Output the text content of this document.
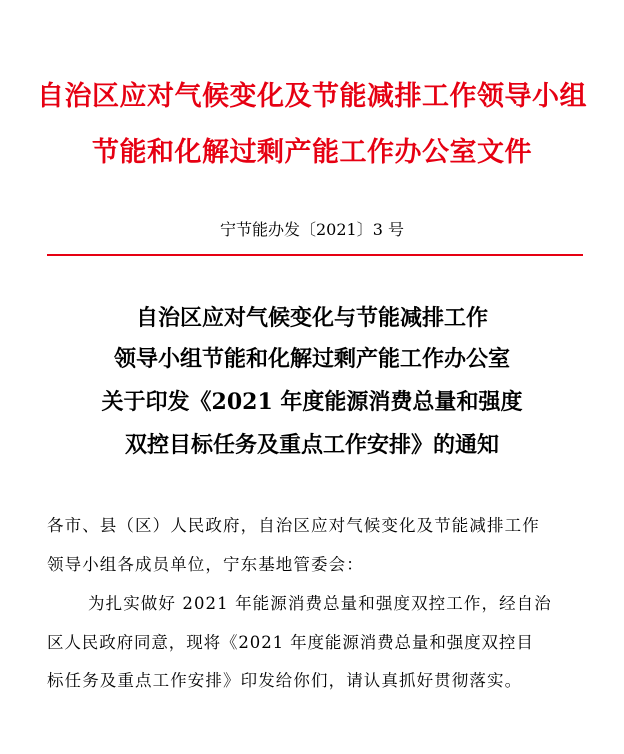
自治区应对气候变化及节能减排工作领导小组
节能和化解过剩产能工作办公室文件
宁节能办发〔2021〕3 号
自治区应对气候变化与节能减排工作
领导小组节能和化解过剩产能工作办公室
关于印发《2021 年度能源消费总量和强度
双控目标任务及重点工作安排》的通知
各市、县（区）人民政府，自治区应对气候变化及节能减排工作
领导小组各成员单位，宁东基地管委会：
为扎实做好 2021 年能源消费总量和强度双控工作，经自治
区人民政府同意，现将《2021 年度能源消费总量和强度双控目
标任务及重点工作安排》印发给你们，请认真抓好贯彻落实。
